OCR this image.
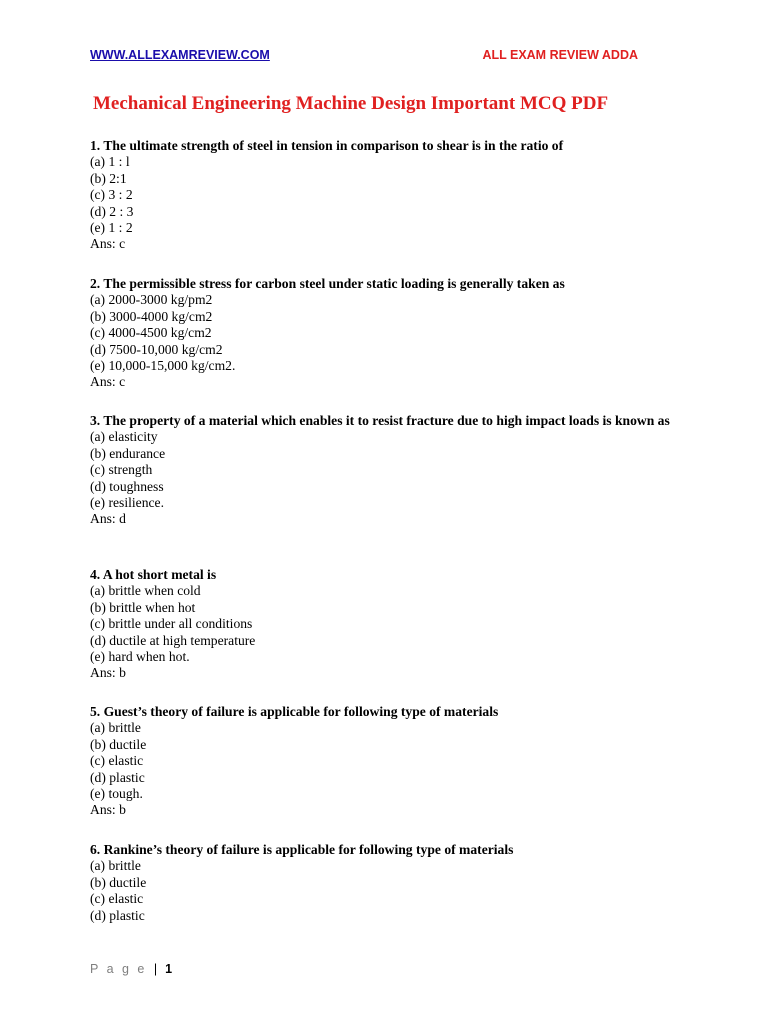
WWW.ALLEXAMREVIEW.COM	ALL EXAM REVIEW ADDA
Mechanical Engineering Machine Design Important MCQ PDF
1. The ultimate strength of steel in tension in comparison to shear is in the ratio of
(a) 1 : l
(b) 2:1
(c) 3 : 2
(d) 2 : 3
(e) 1 : 2
Ans: c
2. The permissible stress for carbon steel under static loading is generally taken as
(a) 2000-3000 kg/pm2
(b) 3000-4000 kg/cm2
(c) 4000-4500 kg/cm2
(d) 7500-10,000 kg/cm2
(e) 10,000-15,000 kg/cm2.
Ans: c
3. The property of a material which enables it to resist fracture due to high impact loads is known as
(a) elasticity
(b) endurance
(c) strength
(d) toughness
(e) resilience.
Ans: d
4. A hot short metal is
(a) brittle when cold
(b) brittle when hot
(c) brittle under all conditions
(d) ductile at high temperature
(e) hard when hot.
Ans: b
5. Guest’s theory of failure is applicable for following type of materials
(a) brittle
(b) ductile
(c) elastic
(d) plastic
(e) tough.
Ans: b
6. Rankine’s theory of failure is applicable for following type of materials
(a) brittle
(b) ductile
(c) elastic
(d) plastic
P a g e | 1
